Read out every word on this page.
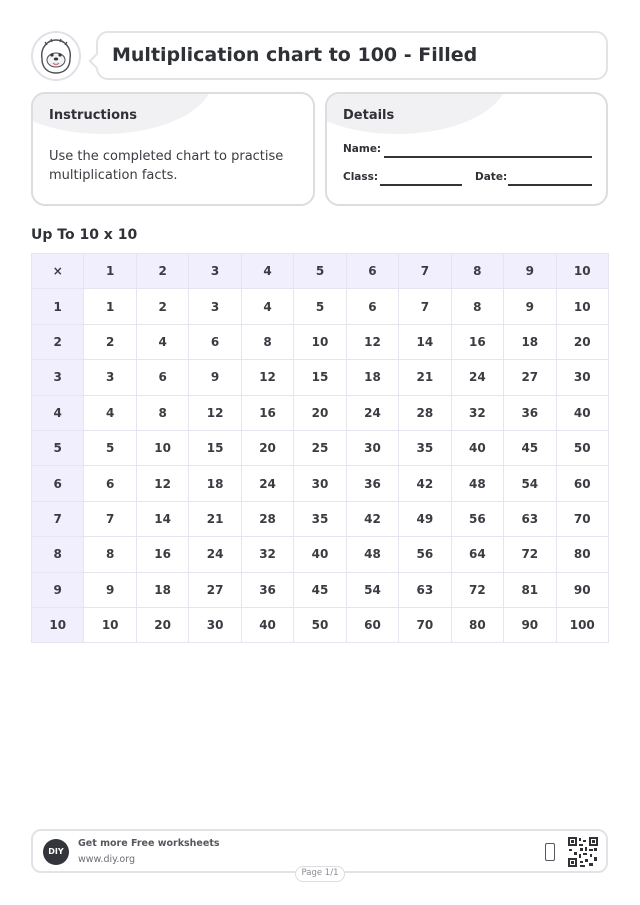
Multiplication chart to 100 - Filled
Instructions
Use the completed chart to practise multiplication facts.
Details
Name:
Class:	Date:
Up To 10 x 10
×	1	2	3	4	5	6	7	8	9	10
1	1	2	3	4	5	6	7	8	9	10
2	2	4	6	8	10	12	14	16	18	20
3	3	6	9	12	15	18	21	24	27	30
4	4	8	12	16	20	24	28	32	36	40
5	5	10	15	20	25	30	35	40	45	50
6	6	12	18	24	30	36	42	48	54	60
7	7	14	21	28	35	42	49	56	63	70
8	8	16	24	32	40	48	56	64	72	80
9	9	18	27	36	45	54	63	72	81	90
10	10	20	30	40	50	60	70	80	90	100
DIY
Get more Free worksheets
www.diy.org
Page 1/1
